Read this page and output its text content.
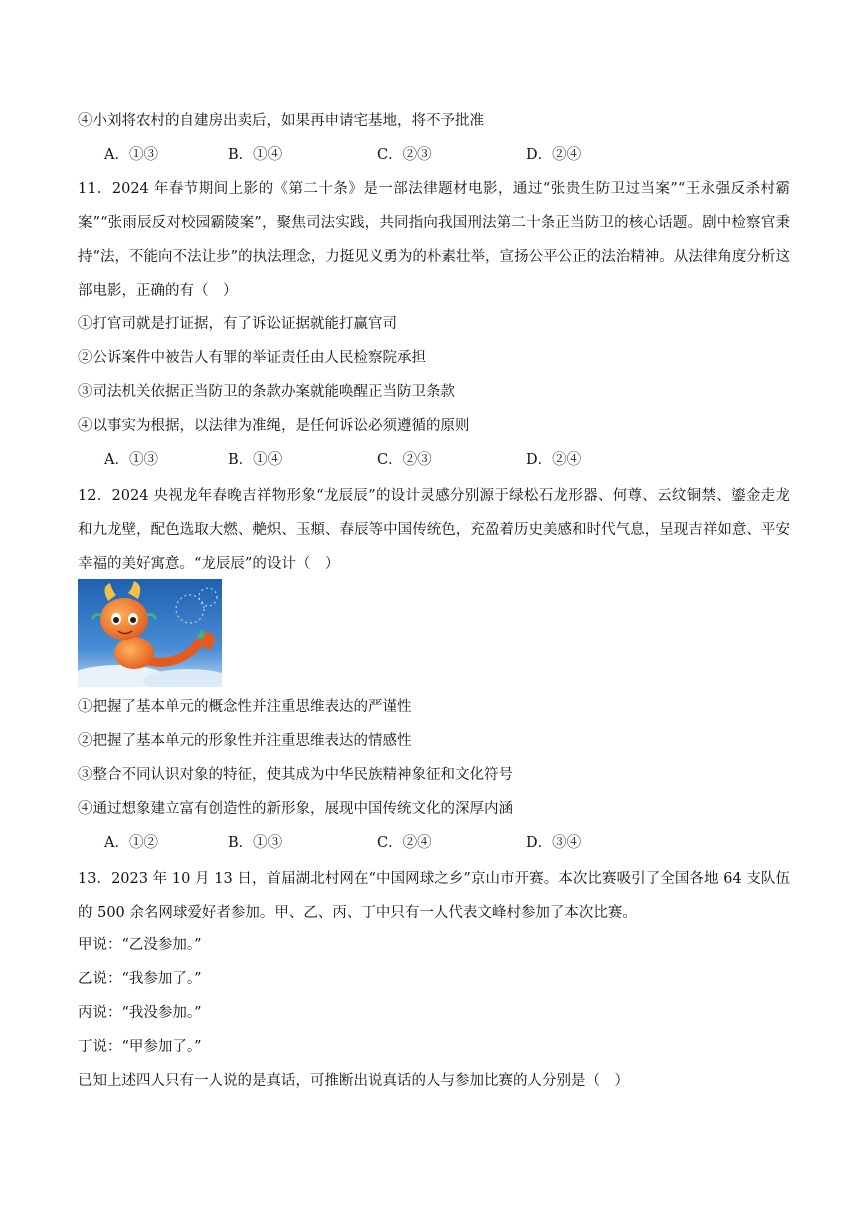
④小刘将农村的自建房出卖后，如果再申请宅基地，将不予批准
A．①③	B．①④	C．②③	D．②④
11．2024 年春节期间上影的《第二十条》是一部法律题材电影，通过“张贵生防卫过当案”“王永强反杀村霸案”“张雨辰反对校园霸陵案”，聚焦司法实践，共同指向我国刑法第二十条正当防卫的核心话题。剧中检察官秉持“法，不能向不法让步”的执法理念，力挺见义勇为的朴素壮举，宣扬公平公正的法治精神。从法律角度分析这部电影，正确的有（　）
①打官司就是打证据，有了诉讼证据就能打赢官司
②公诉案件中被告人有罪的举证责任由人民检察院承担
③司法机关依据正当防卫的条款办案就能唤醒正当防卫条款
④以事实为根据，以法律为准绳，是任何诉讼必须遵循的原则
A．①③	B．①④	C．②③	D．②④
12．2024 央视龙年春晚吉祥物形象“龙辰辰”的设计灵感分别源于绿松石龙形器、何尊、云纹铜禁、鎏金走龙和九龙壁，配色选取大燃、艴炽、玉頫、春辰等中国传统色，充盈着历史美感和时代气息，呈现吉祥如意、平安幸福的美好寓意。“龙辰辰”的设计（　）
①把握了基本单元的概念性并注重思维表达的严谨性
②把握了基本单元的形象性并注重思维表达的情感性
③整合不同认识对象的特征，使其成为中华民族精神象征和文化符号
④通过想象建立富有创造性的新形象，展现中国传统文化的深厚内涵
A．①②	B．①③	C．②④	D．③④
13．2023 年 10 月 13 日，首届湖北村网在“中国网球之乡”京山市开赛。本次比赛吸引了全国各地 64 支队伍的 500 余名网球爱好者参加。甲、乙、丙、丁中只有一人代表文峰村参加了本次比赛。
甲说：“乙没参加。”
乙说：“我参加了。”
丙说：“我没参加。”
丁说：“甲参加了。”
已知上述四人只有一人说的是真话，可推断出说真话的人与参加比赛的人分别是（　）
